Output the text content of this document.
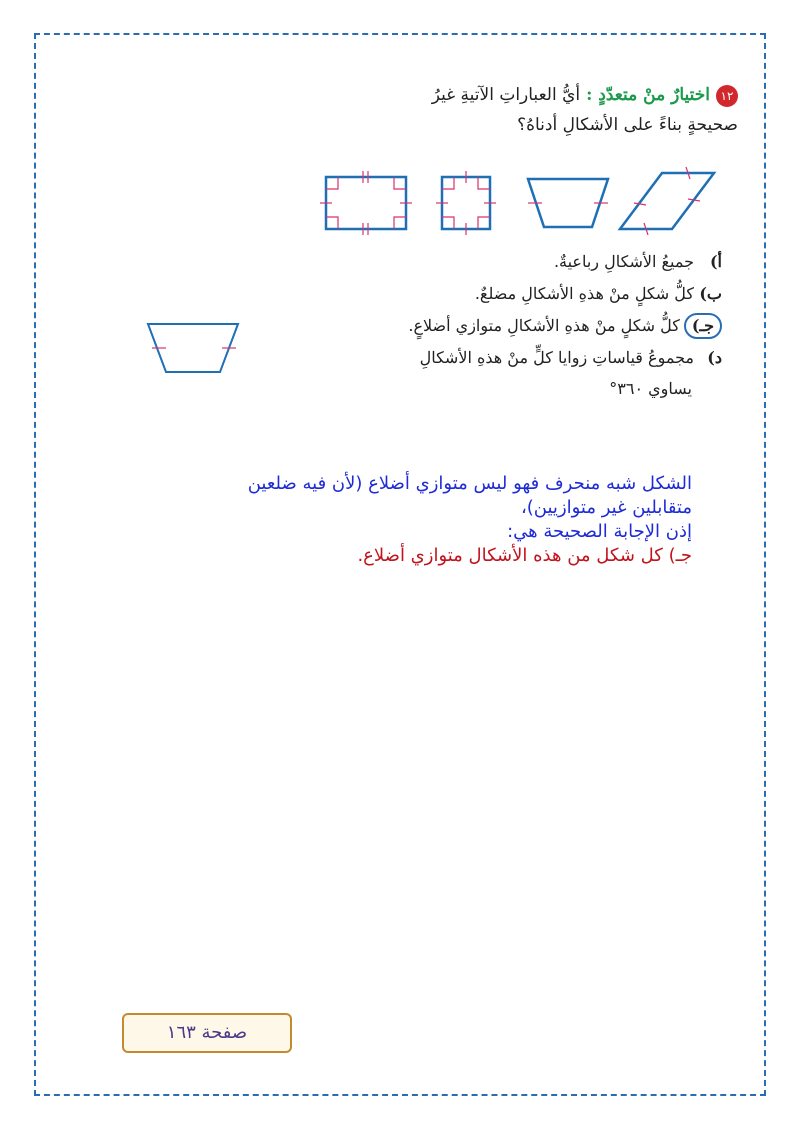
١٢اختيارٌ منْ متعدّدٍ :أيُّ العباراتِ الآتيةِ غيرُ
صحيحةٍ بناءً على الأشكالِ أدناهُ؟
أ)جميعُ الأشكالِ رباعيةٌ.
ب)كلُّ شكلٍ منْ هذهِ الأشكالِ مضلعٌ.
جـ)كلُّ شكلٍ منْ هذهِ الأشكالِ متوازي أضلاعٍ.
د)مجموعُ قياساتِ زوايا كلٍّ منْ هذهِ الأشكالِ
يساوي ٣٦٠°
الشكل شبه منحرف فهو ليس متوازي أضلاع (لأن فيه ضلعين
متقابلين غير متوازيين)،
إذن الإجابة الصحيحة هي:
جـ) كل شكل من هذه الأشكال متوازي أضلاع.
صفحة ١٦٣
